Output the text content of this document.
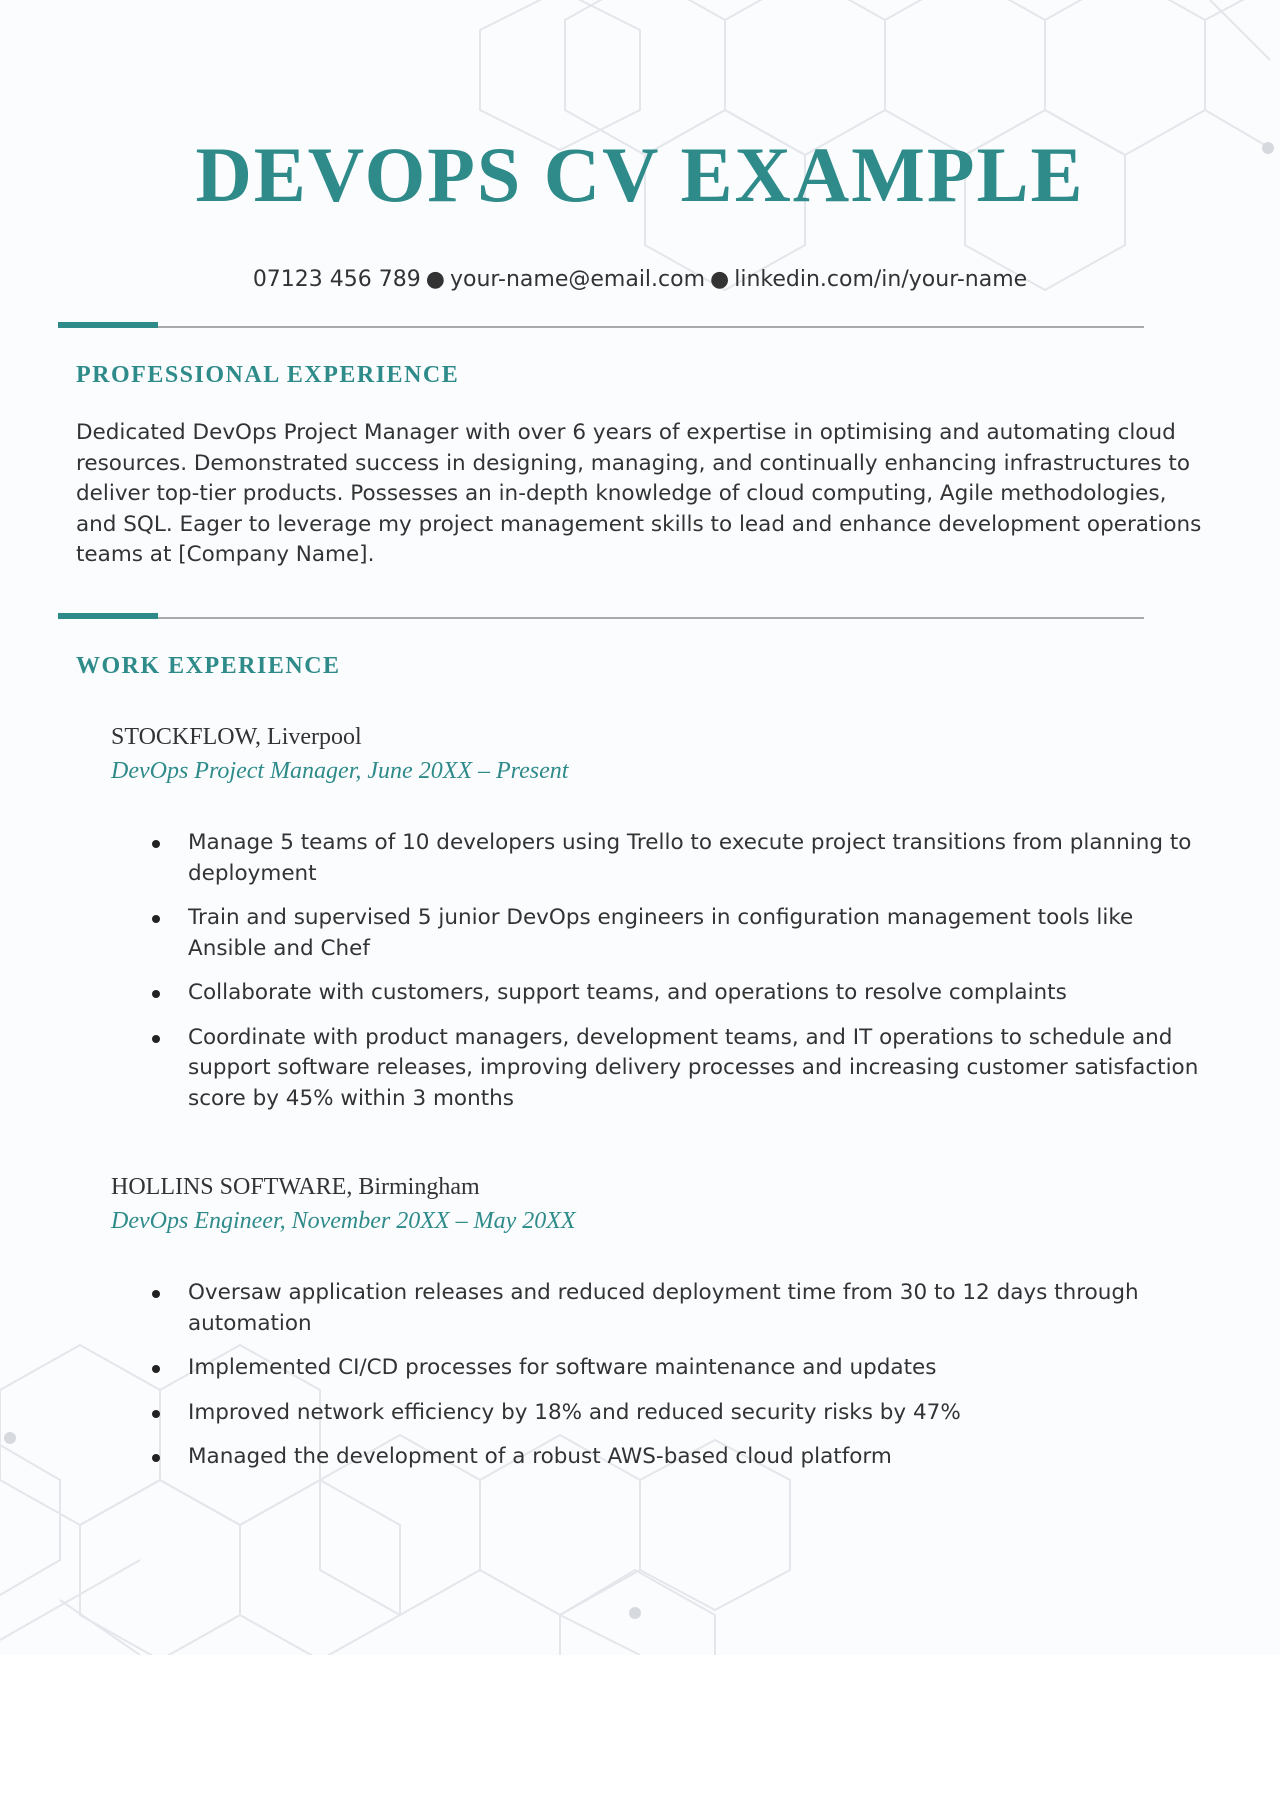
DEVOPS CV EXAMPLE
07123 456 789 ● your-name@email.com ● linkedin.com/in/your-name
PROFESSIONAL EXPERIENCE

Dedicated DevOps Project Manager with over 6 years of expertise in optimising and automating cloud resources. Demonstrated success in designing, managing, and continually enhancing infrastructures to deliver top-tier products. Possesses an in-depth knowledge of cloud computing, Agile methodologies, and SQL. Eager to leverage my project management skills to lead and enhance development operations teams at [Company Name].

WORK EXPERIENCE
STOCKFLOW, Liverpool
DevOps Project Manager, June 20XX – Present
Manage 5 teams of 10 developers using Trello to execute project transitions from planning to deployment
Train and supervised 5 junior DevOps engineers in configuration management tools like Ansible and Chef
Collaborate with customers, support teams, and operations to resolve complaints
Coordinate with product managers, development teams, and IT operations to schedule and support software releases, improving delivery processes and increasing customer satisfaction score by 45% within 3 months
HOLLINS SOFTWARE, Birmingham
DevOps Engineer, November 20XX – May 20XX
Oversaw application releases and reduced deployment time from 30 to 12 days through automation
Implemented CI/CD processes for software maintenance and updates
Improved network efficiency by 18% and reduced security risks by 47%
Managed the development of a robust AWS-based cloud platform
